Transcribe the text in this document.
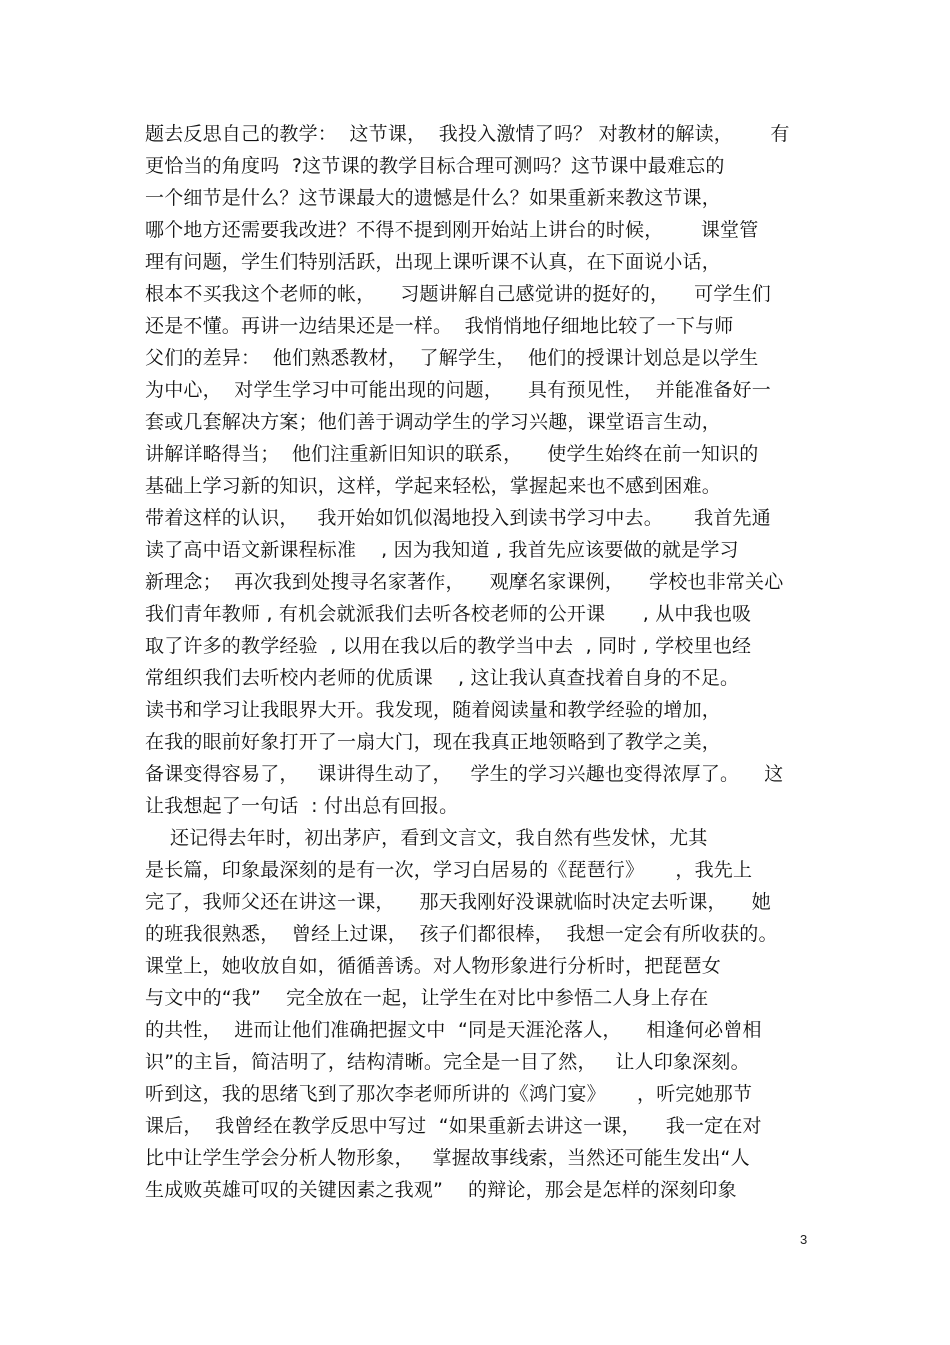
题去反思自己的教学：  这节课，  我投入激情了吗？ 对教材的解读，      有
更恰当的角度吗  ?这节课的教学目标合理可测吗？这节课中最难忘的
一个细节是什么？这节课最大的遗憾是什么？如果重新来教这节课，
哪个地方还需要我改进？不得不提到刚开始站上讲台的时候，      课堂管
理有问题，学生们特别活跃，出现上课听课不认真，在下面说小话，
根本不买我这个老师的帐，    习题讲解自己感觉讲的挺好的，    可学生们
还是不懂。再讲一边结果还是一样。  我悄悄地仔细地比较了一下与师
父们的差异：  他们熟悉教材，  了解学生，  他们的授课计划总是以学生
为中心，  对学生学习中可能出现的问题，    具有预见性，  并能准备好一
套或几套解决方案；他们善于调动学生的学习兴趣，课堂语言生动，
讲解详略得当；  他们注重新旧知识的联系，    使学生始终在前一知识的
基础上学习新的知识，这样，学起来轻松，掌握起来也不感到困难。
带着这样的认识，   我开始如饥似渴地投入到读书学习中去。     我首先通
读了高中语文新课程标准    , 因为我知道 , 我首先应该要做的就是学习
新理念；  再次我到处搜寻名家著作，    观摩名家课例，    学校也非常关心
我们青年教师 , 有机会就派我们去听各校老师的公开课      , 从中我也吸
取了许多的教学经验  , 以用在我以后的教学当中去  , 同时 , 学校里也经
常组织我们去听校内老师的优质课    , 这让我认真查找着自身的不足。
读书和学习让我眼界大开。我发现，随着阅读量和教学经验的增加，
在我的眼前好象打开了一扇大门，现在我真正地领略到了教学之美，
备课变得容易了，   课讲得生动了，   学生的学习兴趣也变得浓厚了。    这
让我想起了一句话  : 付出总有回报。
还记得去年时，初出茅庐，看到文言文，我自然有些发怵，尤其
是长篇，印象最深刻的是有一次，学习白居易的《琵琶行》     ，我先上
完了，我师父还在讲这一课，    那天我刚好没课就临时决定去听课，    她
的班我很熟悉，  曾经上过课，  孩子们都很棒，  我想一定会有所收获的。
课堂上，她收放自如，循循善诱。对人物形象进行分析时，把琵琶女
与文中的“我”    完全放在一起，让学生在对比中参悟二人身上存在
的共性，  进而让他们准确把握文中  “同是天涯沦落人，    相逢何必曾相
识”的主旨，简洁明了，结构清晰。完全是一目了然，   让人印象深刻。
听到这，我的思绪飞到了那次李老师所讲的《鸿门宴》     ，听完她那节
课后，  我曾经在教学反思中写过  “如果重新去讲这一课，    我一定在对
比中让学生学会分析人物形象，   掌握故事线索，当然还可能生发出“人
生成败英雄可叹的关键因素之我观”    的辩论，那会是怎样的深刻印象
3
